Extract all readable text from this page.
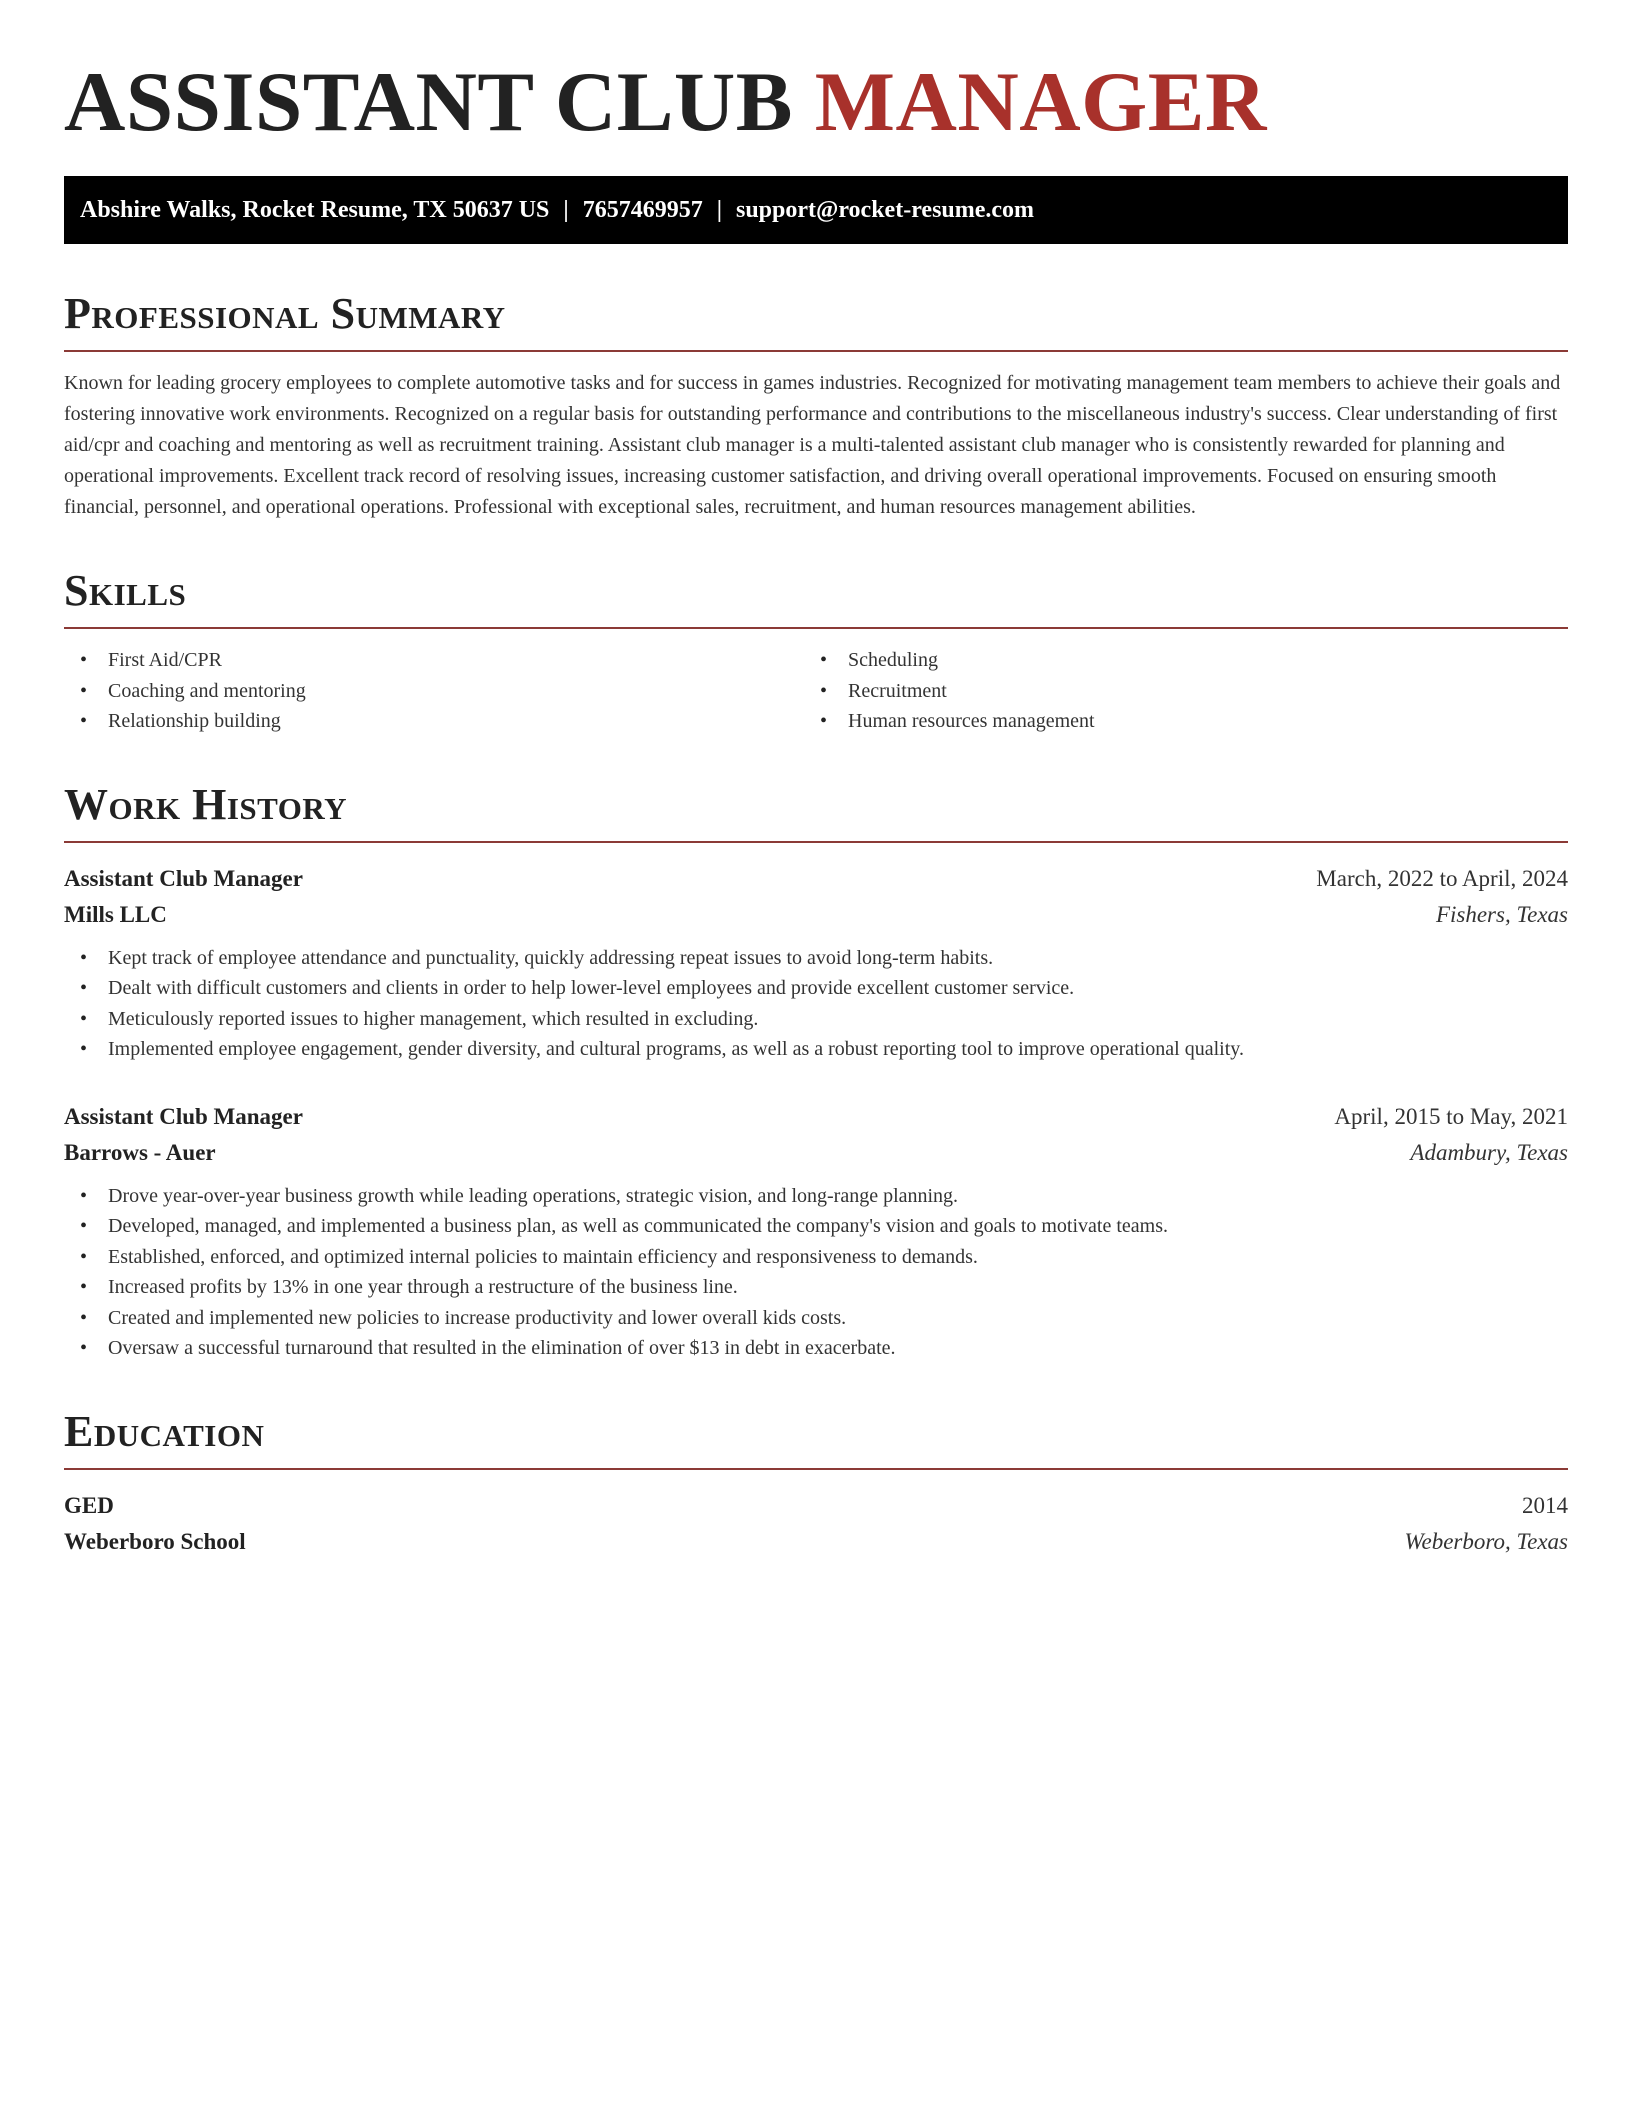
ASSISTANT CLUB MANAGER
Abshire Walks, Rocket Resume, TX 50637 US | 7657469957 | support@rocket-resume.com
Professional Summary

Known for leading grocery employees to complete automotive tasks and for success in games industries. Recognized for motivating management team members to achieve their goals and fostering innovative work environments. Recognized on a regular basis for outstanding performance and contributions to the miscellaneous industry's success. Clear understanding of first aid/cpr and coaching and mentoring as well as recruitment training. Assistant club manager is a multi-talented assistant club manager who is consistently rewarded for planning and operational improvements. Excellent track record of resolving issues, increasing customer satisfaction, and driving overall operational improvements. Focused on ensuring smooth financial, personnel, and operational operations. Professional with exceptional sales, recruitment, and human resources management abilities.

Skills
• First Aid/CPR
• Coaching and mentoring
• Relationship building
• Scheduling
• Recruitment
• Human resources management
Work History
Assistant Club Manager	March, 2022 to April, 2024
Mills LLC	Fishers, Texas
• Kept track of employee attendance and punctuality, quickly addressing repeat issues to avoid long-term habits.
• Dealt with difficult customers and clients in order to help lower-level employees and provide excellent customer service.
• Meticulously reported issues to higher management, which resulted in excluding.
• Implemented employee engagement, gender diversity, and cultural programs, as well as a robust reporting tool to improve operational quality.
Assistant Club Manager	April, 2015 to May, 2021
Barrows - Auer	Adambury, Texas
• Drove year-over-year business growth while leading operations, strategic vision, and long-range planning.
• Developed, managed, and implemented a business plan, as well as communicated the company's vision and goals to motivate teams.
• Established, enforced, and optimized internal policies to maintain efficiency and responsiveness to demands.
• Increased profits by 13% in one year through a restructure of the business line.
• Created and implemented new policies to increase productivity and lower overall kids costs.
• Oversaw a successful turnaround that resulted in the elimination of over $13 in debt in exacerbate.
Education
GED	2014
Weberboro School	Weberboro, Texas
